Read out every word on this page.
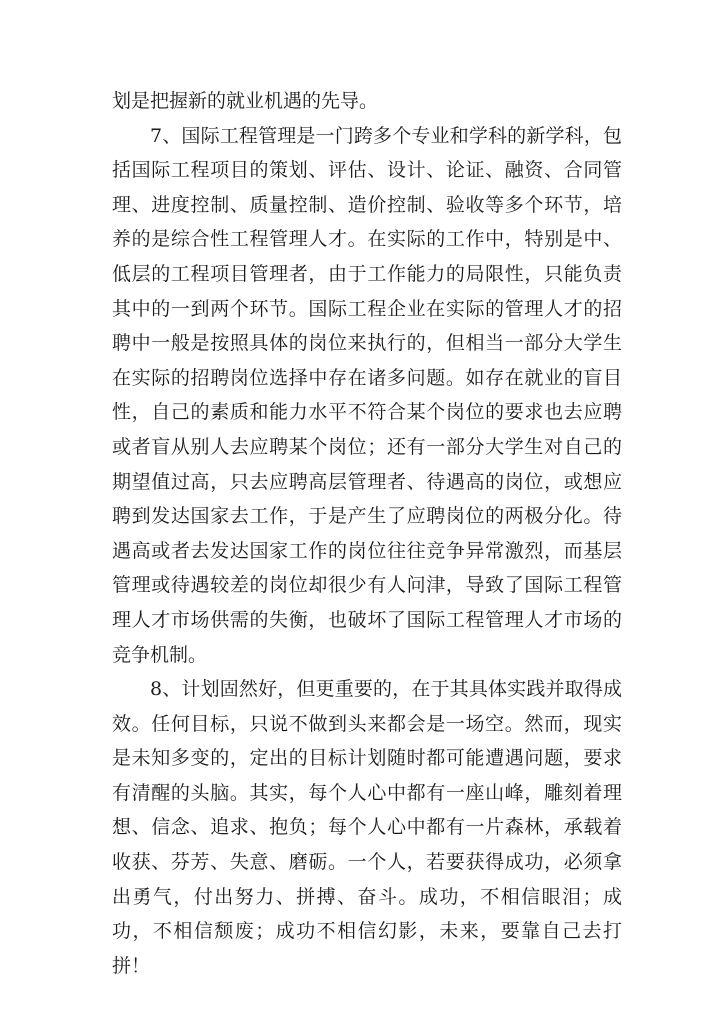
划是把握新的就业机遇的先导。

7、国际工程管理是一门跨多个专业和学科的新学科，包括国际工程项目的策划、评估、设计、论证、融资、合同管理、进度控制、质量控制、造价控制、验收等多个环节，培养的是综合性工程管理人才。在实际的工作中，特别是中、低层的工程项目管理者，由于工作能力的局限性，只能负责其中的一到两个环节。国际工程企业在实际的管理人才的招聘中一般是按照具体的岗位来执行的，但相当一部分大学生在实际的招聘岗位选择中存在诸多问题。如存在就业的盲目性，自己的素质和能力水平不符合某个岗位的要求也去应聘或者盲从别人去应聘某个岗位；还有一部分大学生对自己的期望值过高，只去应聘高层管理者、待遇高的岗位，或想应聘到发达国家去工作，于是产生了应聘岗位的两极分化。待遇高或者去发达国家工作的岗位往往竞争异常激烈，而基层管理或待遇较差的岗位却很少有人问津，导致了国际工程管理人才市场供需的失衡，也破坏了国际工程管理人才市场的竞争机制。

8、计划固然好，但更重要的，在于其具体实践并取得成效。任何目标，只说不做到头来都会是一场空。然而，现实是未知多变的，定出的目标计划随时都可能遭遇问题，要求有清醒的头脑。其实，每个人心中都有一座山峰，雕刻着理想、信念、追求、抱负；每个人心中都有一片森林，承载着收获、芬芳、失意、磨砺。一个人，若要获得成功，必须拿出勇气，付出努力、拼搏、奋斗。成功，不相信眼泪；成功，不相信颓废；成功不相信幻影，未来，要靠自己去打拼！
